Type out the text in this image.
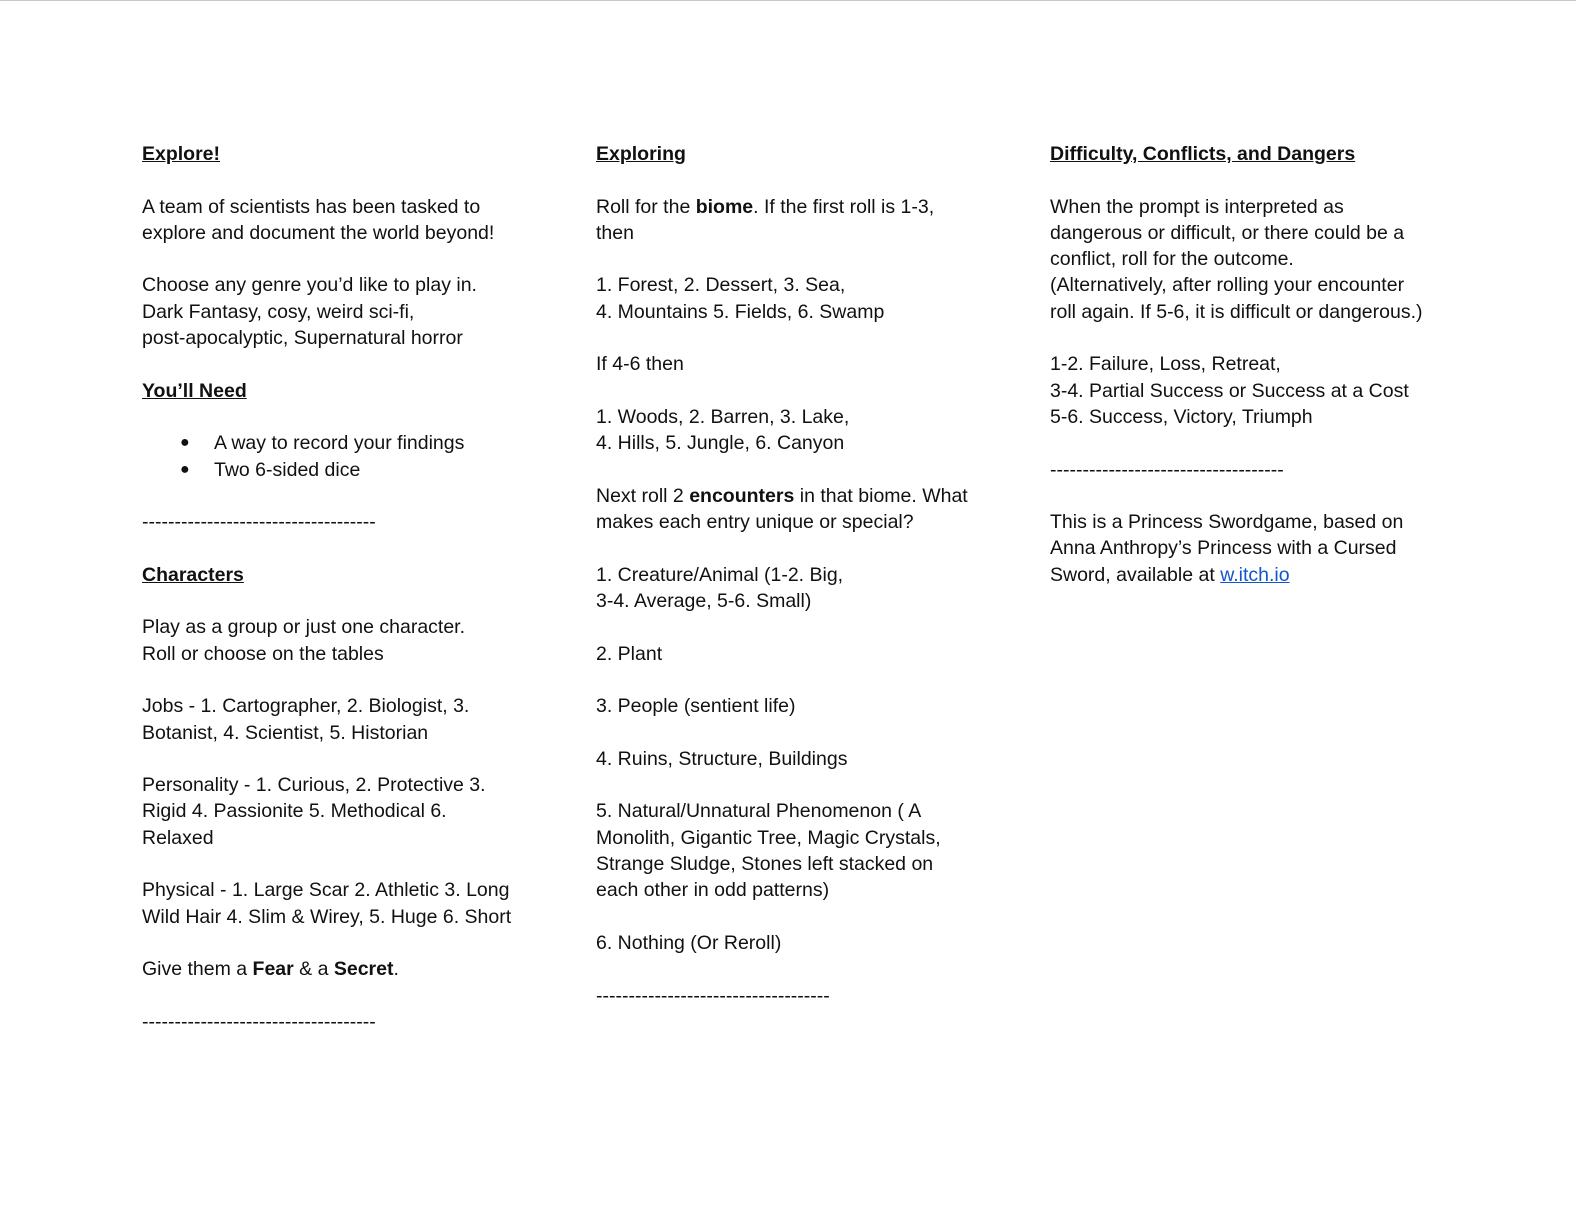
Explore!

A team of scientists has been tasked to

explore and document the world beyond!

Choose any genre you’d like to play in.

Dark Fantasy, cosy, weird sci-fi,

post-apocalyptic, Supernatural horror

You’ll Need

● A way to record your findings
● Two 6-sided dice

------------------------------------

Characters

Play as a group or just one character.

Roll or choose on the tables

Jobs - 1. Cartographer, 2. Biologist, 3.

Botanist, 4. Scientist, 5. Historian

Personality - 1. Curious, 2. Protective 3.

Rigid 4. Passionite 5. Methodical 6.

Relaxed

Physical - 1. Large Scar 2. Athletic 3. Long

Wild Hair 4. Slim & Wirey, 5. Huge 6. Short

Give them a Fear & a Secret.

------------------------------------

Exploring

Roll for the biome. If the first roll is 1-3,

then

1. Forest, 2. Dessert, 3. Sea,

4. Mountains 5. Fields, 6. Swamp

If 4-6 then

1. Woods, 2. Barren, 3. Lake,

4. Hills, 5. Jungle, 6. Canyon

Next roll 2 encounters in that biome. What

makes each entry unique or special?

1. Creature/Animal (1-2. Big,

3-4. Average, 5-6. Small)

2. Plant

3. People (sentient life)

4. Ruins, Structure, Buildings

5. Natural/Unnatural Phenomenon ( A

Monolith, Gigantic Tree, Magic Crystals,

Strange Sludge, Stones left stacked on

each other in odd patterns)

6. Nothing (Or Reroll)

------------------------------------

Difficulty, Conflicts, and Dangers

When the prompt is interpreted as

dangerous or difficult, or there could be a

conflict, roll for the outcome.

(Alternatively, after rolling your encounter

roll again. If 5-6, it is difficult or dangerous.)

1-2. Failure, Loss, Retreat,

3-4. Partial Success or Success at a Cost

5-6. Success, Victory, Triumph

------------------------------------

This is a Princess Swordgame, based on

Anna Anthropy’s Princess with a Cursed

Sword, available at w.itch.io
